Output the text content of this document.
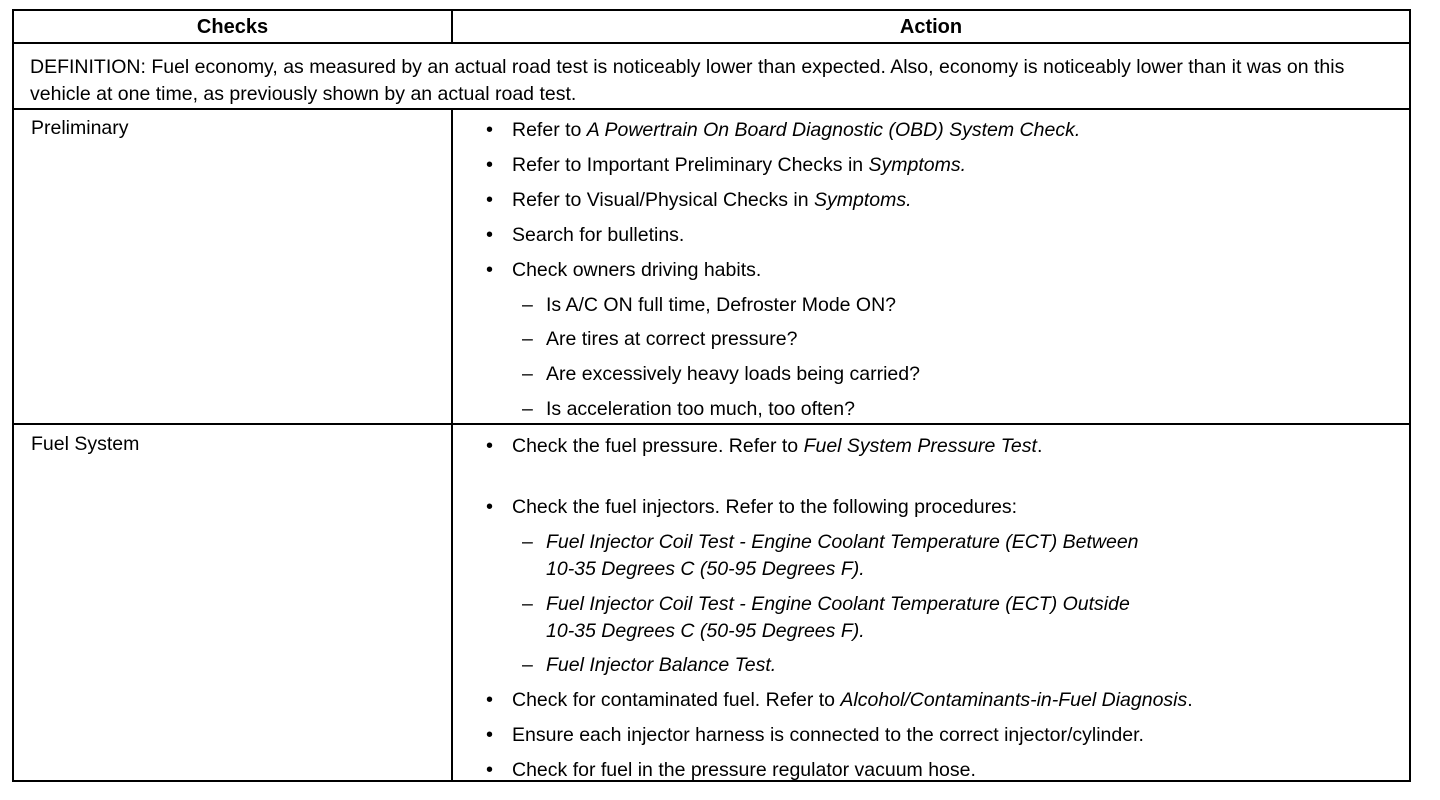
Checks	Action
DEFINITION: Fuel economy, as measured by an actual road test is noticeably lower than expected. Also, economy is noticeably lower than it was on this vehicle at one time, as previously shown by an actual road test.
Preliminary	• Refer to A Powertrain On Board Diagnostic (OBD) System Check.
• Refer to Important Preliminary Checks in Symptoms.
• Refer to Visual/Physical Checks in Symptoms.
• Search for bulletins.
• Check owners driving habits.
– Is A/C ON full time, Defroster Mode ON?
– Are tires at correct pressure?
– Are excessively heavy loads being carried?
– Is acceleration too much, too often?
Fuel System	• Check the fuel pressure. Refer to Fuel System Pressure Test.
• Check the fuel injectors. Refer to the following procedures:
– Fuel Injector Coil Test - Engine Coolant Temperature (ECT) Between
10-35 Degrees C (50-95 Degrees F).
– Fuel Injector Coil Test - Engine Coolant Temperature (ECT) Outside
10-35 Degrees C (50-95 Degrees F).
– Fuel Injector Balance Test.
• Check for contaminated fuel. Refer to Alcohol/Contaminants-in-Fuel Diagnosis.
• Ensure each injector harness is connected to the correct injector/cylinder.
• Check for fuel in the pressure regulator vacuum hose.
